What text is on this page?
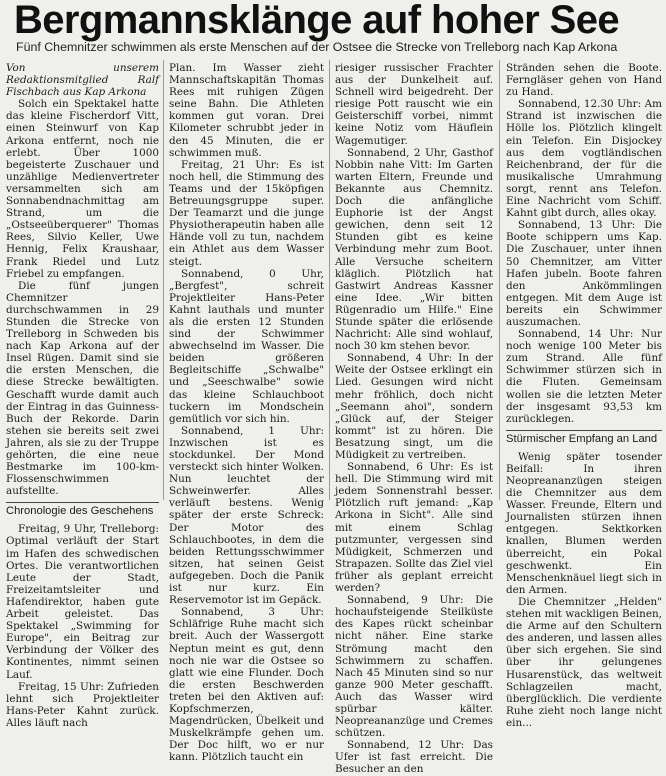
Bergmannsklänge auf hoher See
Fünf Chemnitzer schwimmen als erste Menschen auf der Ostsee die Strecke von Trelleborg nach Kap Arkona

Von unserem Redaktionsmitglied Ralf Fischbach aus Kap Arkona

Solch ein Spektakel hatte das kleine Fischerdorf Vitt, einen Steinwurf von Kap Arkona entfernt, noch nie erlebt. Über 1000 begeisterte Zuschauer und unzählige Medienvertreter versammelten sich am Sonnabendnachmittag am Strand, um die „Ostseeüberquerer" Thomas Rees, Silvio Keller, Uwe Hennig, Felix Kraushaar, Frank Riedel und Lutz Friebel zu empfangen.

Die fünf jungen Chemnitzer durchschwammen in 29 Stunden die Strecke von Trelleborg in Schweden bis nach Kap Arkona auf der Insel Rügen. Damit sind sie die ersten Menschen, die diese Strecke bewältigten. Geschafft wurde damit auch der Eintrag in das Guinness-Buch der Rekorde. Darin stehen sie bereits seit zwei Jahren, als sie zu der Truppe gehörten, die eine neue Bestmarke im 100-km-Flossenschwimmen aufstellte.

Chronologie des Geschehens

Freitag, 9 Uhr, Trelleborg: Optimal verläuft der Start im Hafen des schwedischen Ortes. Die verantwortlichen Leute der Stadt, Freizeitamtsleiter und Hafendirektor, haben gute Arbeit geleistet. Das Spektakel „Swimming for Europe", ein Beitrag zur Verbindung der Völker des Kontinentes, nimmt seinen Lauf.

Freitag, 15 Uhr: Zufrieden lehnt sich Projektleiter Hans-Peter Kahnt zurück. Alles läuft nach

Plan. Im Wasser zieht Mannschaftskapitän Thomas Rees mit ruhigen Zügen seine Bahn. Die Athleten kommen gut voran. Drei Kilometer schrubbt jeder in den 45 Minuten, die er schwimmen muß.

Freitag, 21 Uhr: Es ist noch hell, die Stimmung des Teams und der 15köpfigen Betreuungsgruppe super. Der Teamarzt und die junge Physiotherapeutin haben alle Hände voll zu tun, nachdem ein Athlet aus dem Wasser steigt.

Sonnabend, 0 Uhr, „Bergfest", schreit Projektleiter Hans-Peter Kahnt lauthals und munter als die ersten 12 Stunden sind der Schwimmer abwechselnd im Wasser. Die beiden größeren Begleitschiffe „Schwalbe" und „Seeschwalbe" sowie das kleine Schlauchboot tuckern im Mondschein gemütlich vor sich hin.

Sonnabend, 1 Uhr: Inzwischen ist es stockdunkel. Der Mond versteckt sich hinter Wolken. Nun leuchtet der Schweinwerfer. Alles verläuft bestens. Wenig später der erste Schreck: Der Motor des Schlauchbootes, in dem die beiden Rettungsschwimmer sitzen, hat seinen Geist aufgegeben. Doch die Panik ist nur kurz. Ein Reservemotor ist im Gepäck.

Sonnabend, 3 Uhr: Schläfrige Ruhe macht sich breit. Auch der Wassergott Neptun meint es gut, denn noch nie war die Ostsee so glatt wie eine Flunder. Doch die ersten Beschwerden treten bei den Aktiven auf: Kopfschmerzen, Magendrücken, Übelkeit und Muskelkrämpfe gehen um. Der Doc hilft, wo er nur kann. Plötzlich taucht ein

riesiger russischer Frachter aus der Dunkelheit auf. Schnell wird beigedreht. Der riesige Pott rauscht wie ein Geisterschiff vorbei, nimmt keine Notiz vom Häuflein Wagemutiger.

Sonnabend, 2 Uhr, Gasthof Nobbin nahe Vitt: Im Garten warten Eltern, Freunde und Bekannte aus Chemnitz. Doch die anfängliche Euphorie ist der Angst gewichen, denn seit 12 Stunden gibt es keine Verbindung mehr zum Boot. Alle Versuche scheitern kläglich. Plötzlich hat Gastwirt Andreas Kassner eine Idee. „Wir bitten Rügenradio um Hilfe." Eine Stunde später die erlösende Nachricht: Alle sind wohlauf, noch 30 km stehen bevor.

Sonnabend, 4 Uhr: In der Weite der Ostsee erklingt ein Lied. Gesungen wird nicht mehr fröhlich, doch nicht „Seemann ahoi", sondern „Glück auf, der Steiger kommt" ist zu hören. Die Besatzung singt, um die Müdigkeit zu vertreiben.

Sonnabend, 6 Uhr: Es ist hell. Die Stimmung wird mit jedem Sonnenstrahl besser. Plötzlich ruft jemand: „Kap Arkona in Sicht". Alle sind mit einem Schlag putzmunter, vergessen sind Müdigkeit, Schmerzen und Strapazen. Sollte das Ziel viel früher als geplant erreicht werden?

Sonnabend, 9 Uhr: Die hochaufsteigende Steilküste des Kapes rückt scheinbar nicht näher. Eine starke Strömung macht den Schwimmern zu schaffen. Nach 45 Minuten sind so nur ganze 900 Meter geschafft. Auch das Wasser wird spürbar kälter. Neopreananzüge und Cremes schützen.

Sonnabend, 12 Uhr: Das Ufer ist fast erreicht. Die Besucher an den

Stränden sehen die Boote. Ferngläser gehen von Hand zu Hand.

Sonnabend, 12.30 Uhr: Am Strand ist inzwischen die Hölle los. Plötzlich klingelt ein Telefon. Ein Disjockey aus dem vogtländischen Reichenbrand, der für die musikalische Umrahmung sorgt, rennt ans Telefon. Eine Nachricht vom Schiff. Kahnt gibt durch, alles okay.

Sonnabend, 13 Uhr: Die Boote schippern ums Kap. Die Zuschauer, unter ihnen 50 Chemnitzer, am Vitter Hafen jubeln. Boote fahren den Ankömmlingen entgegen. Mit dem Auge ist bereits ein Schwimmer auszumachen.

Sonnabend, 14 Uhr: Nur noch wenige 100 Meter bis zum Strand. Alle fünf Schwimmer stürzen sich in die Fluten. Gemeinsam wollen sie die letzten Meter der insgesamt 93,53 km zurücklegen.

Stürmischer Empfang an Land

Wenig später tosender Beifall: In ihren Neopreananzügen steigen die Chemnitzer aus dem Wasser. Freunde, Eltern und Journalisten stürzen ihnen entgegen. Sektkorken knallen, Blumen werden überreicht, ein Pokal geschwenkt. Ein Menschenknäuel liegt sich in den Armen.

Die Chemnitzer „Helden" stehen mit wackligen Beinen, die Arme auf den Schultern des anderen, und lassen alles über sich ergehen. Sie sind über ihr gelungenes Husarenstück, das weltweit Schlagzeilen macht, überglücklich. Die verdiente Ruhe zieht noch lange nicht ein...
